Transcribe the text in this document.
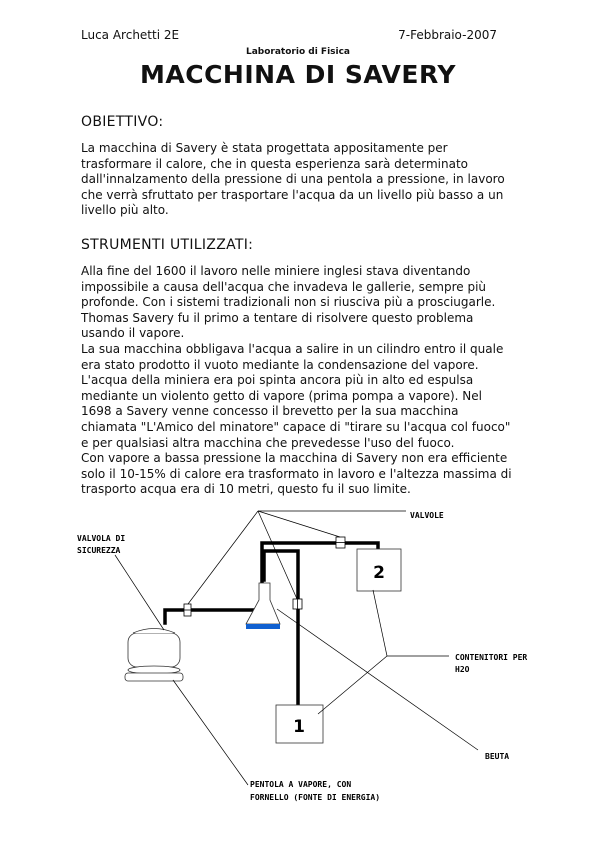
Luca Archetti 2E	7-Febbraio-2007
Laboratorio di Fisica
MACCHINA DI SAVERY
OBIETTIVO:
La macchina di Savery è stata progettata appositamente per trasformare il calore, che in questa esperienza sarà determinato dall'innalzamento della pressione di una pentola a pressione, in lavoro che verrà sfruttato per trasportare l'acqua da un livello più basso a un livello più alto.
STRUMENTI UTILIZZATI:

Alla fine del 1600 il lavoro nelle miniere inglesi stava diventando impossibile a causa dell'acqua che invadeva le gallerie, sempre più profonde. Con i sistemi tradizionali non si riusciva più a prosciugarle. Thomas Savery fu il primo a tentare di risolvere questo problema usando il vapore.

La sua macchina obbligava l'acqua a salire in un cilindro entro il quale era stato prodotto il vuoto mediante la condensazione del vapore. L'acqua della miniera era poi spinta ancora più in alto ed espulsa mediante un violento getto di vapore (prima pompa a vapore). Nel 1698 a Savery venne concesso il brevetto per la sua macchina chiamata "L'Amico del minatore" capace di "tirare su l'acqua col fuoco" e per qualsiasi altra macchina che prevedesse l'uso del fuoco.

Con vapore a bassa pressione la macchina di Savery non era efficiente solo il 10-15% di calore era trasformato in lavoro e l'altezza massima di trasporto acqua era di 10 metri, questo fu il suo limite.

2
1
VALVOLE
VALVOLA DI
SICUREZZA
CONTENITORI PER
H2O
BEUTA
PENTOLA A VAPORE, CON
FORNELLO (FONTE DI ENERGIA)
